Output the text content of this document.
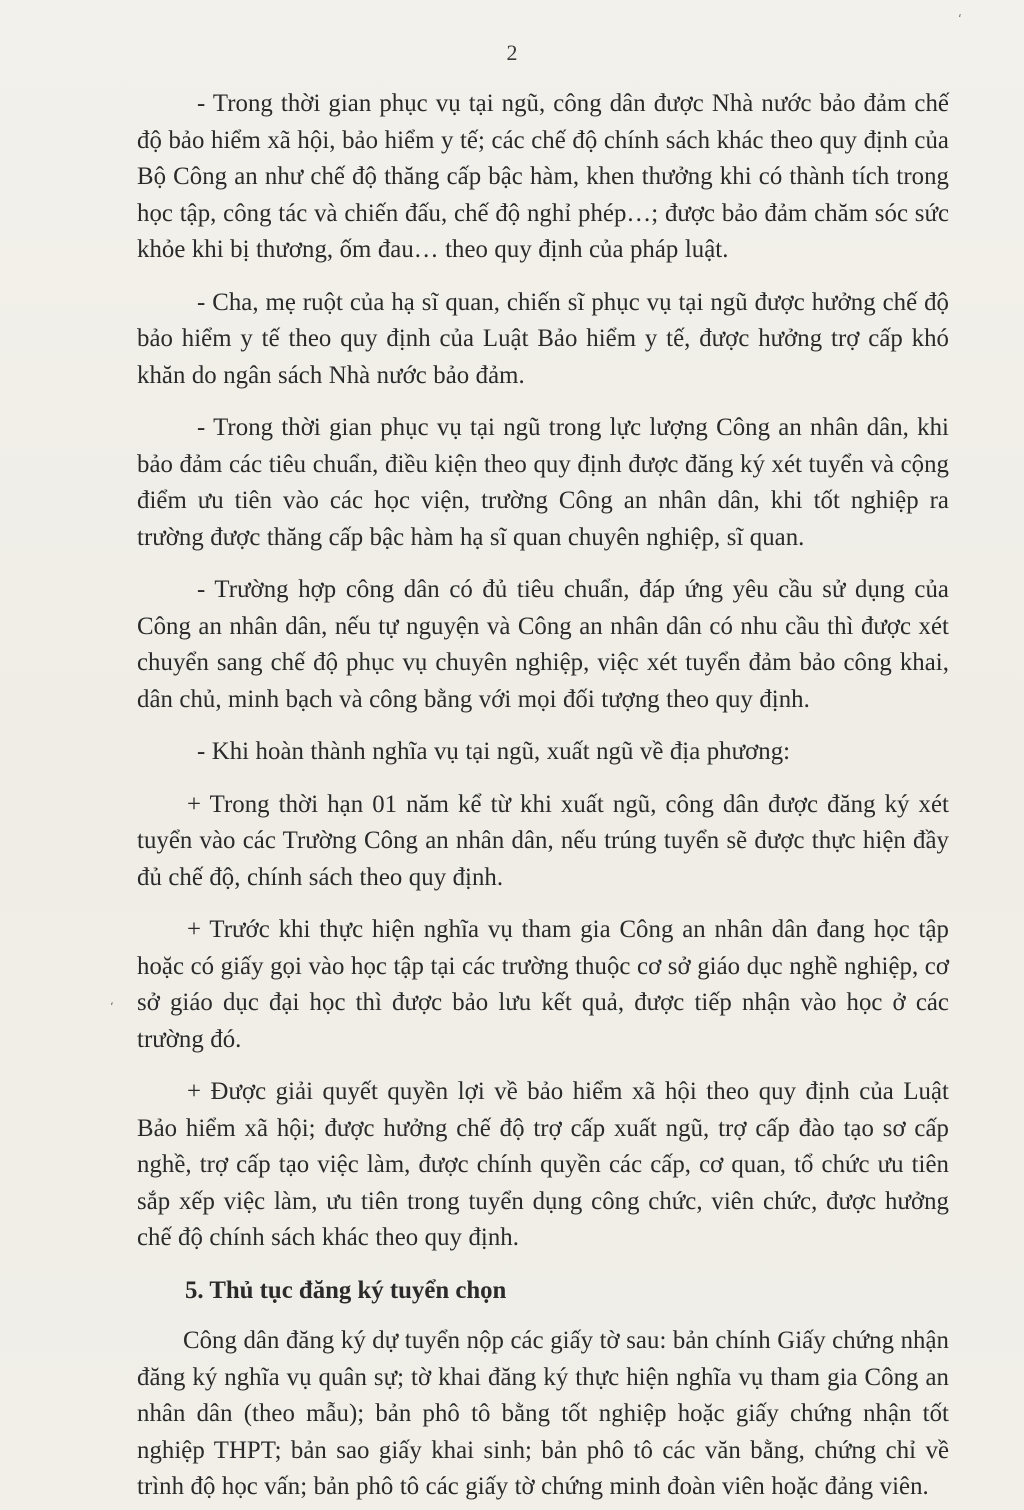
ʻ
ʻ
2

- Trong thời gian phục vụ tại ngũ, công dân được Nhà nước bảo đảm chế độ bảo hiểm xã hội, bảo hiểm y tế; các chế độ chính sách khác theo quy định của Bộ Công an như chế độ thăng cấp bậc hàm, khen thưởng khi có thành tích trong học tập, công tác và chiến đấu, chế độ nghỉ phép…; được bảo đảm chăm sóc sức khỏe khi bị thương, ốm đau… theo quy định của pháp luật.

- Cha, mẹ ruột của hạ sĩ quan, chiến sĩ phục vụ tại ngũ được hưởng chế độ bảo hiểm y tế theo quy định của Luật Bảo hiểm y tế, được hưởng trợ cấp khó khăn do ngân sách Nhà nước bảo đảm.

- Trong thời gian phục vụ tại ngũ trong lực lượng Công an nhân dân, khi bảo đảm các tiêu chuẩn, điều kiện theo quy định được đăng ký xét tuyển và cộng điểm ưu tiên vào các học viện, trường Công an nhân dân, khi tốt nghiệp ra trường được thăng cấp bậc hàm hạ sĩ quan chuyên nghiệp, sĩ quan.

- Trường hợp công dân có đủ tiêu chuẩn, đáp ứng yêu cầu sử dụng của Công an nhân dân, nếu tự nguyện và Công an nhân dân có nhu cầu thì được xét chuyển sang chế độ phục vụ chuyên nghiệp, việc xét tuyển đảm bảo công khai, dân chủ, minh bạch và công bằng với mọi đối tượng theo quy định.

- Khi hoàn thành nghĩa vụ tại ngũ, xuất ngũ về địa phương:

+ Trong thời hạn 01 năm kể từ khi xuất ngũ, công dân được đăng ký xét tuyển vào các Trường Công an nhân dân, nếu trúng tuyển sẽ được thực hiện đầy đủ chế độ, chính sách theo quy định.

+ Trước khi thực hiện nghĩa vụ tham gia Công an nhân dân đang học tập hoặc có giấy gọi vào học tập tại các trường thuộc cơ sở giáo dục nghề nghiệp, cơ sở giáo dục đại học thì được bảo lưu kết quả, được tiếp nhận vào học ở các trường đó.

+ Được giải quyết quyền lợi về bảo hiểm xã hội theo quy định của Luật Bảo hiểm xã hội; được hưởng chế độ trợ cấp xuất ngũ, trợ cấp đào tạo sơ cấp nghề, trợ cấp tạo việc làm, được chính quyền các cấp, cơ quan, tổ chức ưu tiên sắp xếp việc làm, ưu tiên trong tuyển dụng công chức, viên chức, được hưởng chế độ chính sách khác theo quy định.

5. Thủ tục đăng ký tuyển chọn

Công dân đăng ký dự tuyển nộp các giấy tờ sau: bản chính Giấy chứng nhận đăng ký nghĩa vụ quân sự; tờ khai đăng ký thực hiện nghĩa vụ tham gia Công an nhân dân (theo mẫu); bản phô tô bằng tốt nghiệp hoặc giấy chứng nhận tốt nghiệp THPT; bản sao giấy khai sinh; bản phô tô các văn bằng, chứng chỉ về trình độ học vấn; bản phô tô các giấy tờ chứng minh đoàn viên hoặc đảng viên.
